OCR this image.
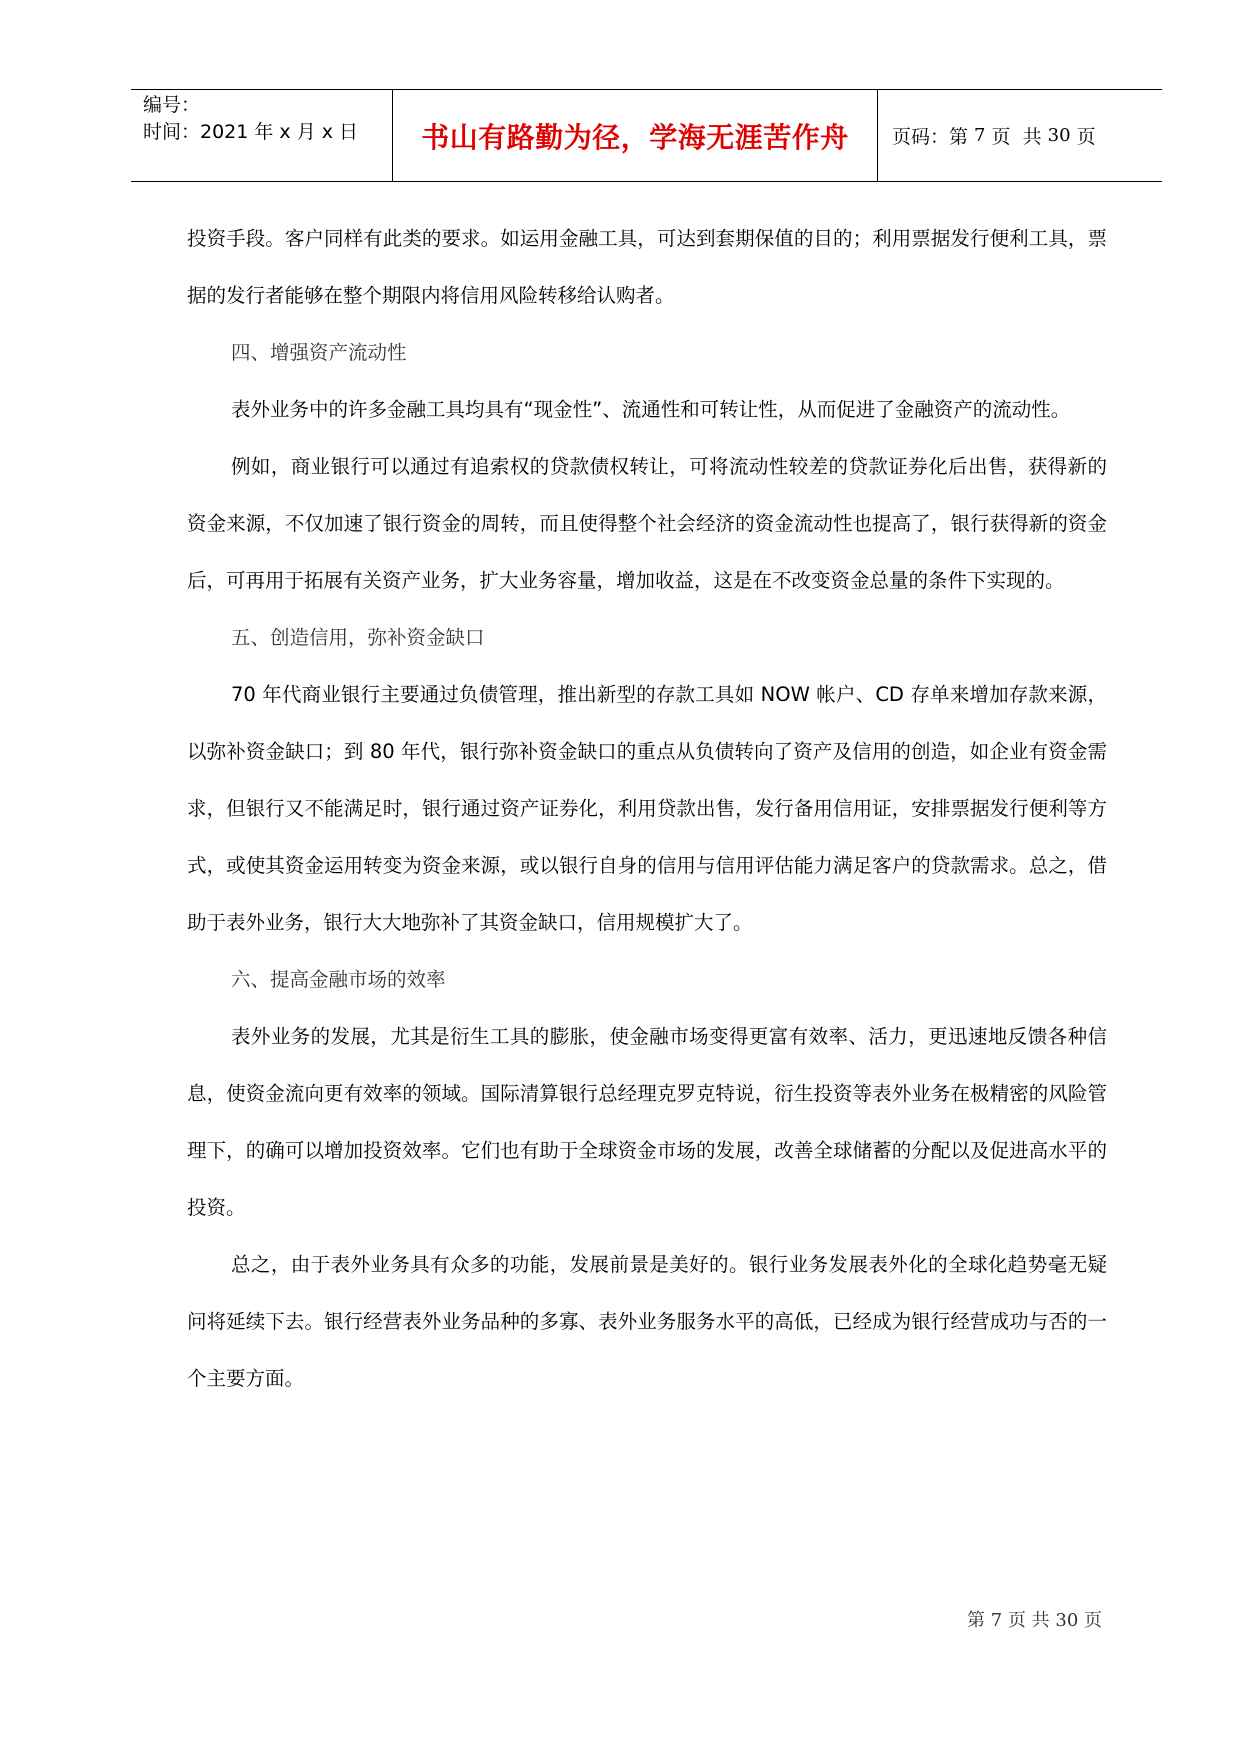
编号：
时间：2021 年 x 月 x 日	书山有路勤为径，学海无涯苦作舟	页码：第 7 页  共 30 页

投资手段。客户同样有此类的要求。如运用金融工具，可达到套期保值的目的；利用票据发行便利工具，票据的发行者能够在整个期限内将信用风险转移给认购者。

四、增强资产流动性

表外业务中的许多金融工具均具有“现金性”、流通性和可转让性，从而促进了金融资产的流动性。

例如，商业银行可以通过有追索权的贷款债权转让，可将流动性较差的贷款证券化后出售，获得新的资金来源，不仅加速了银行资金的周转，而且使得整个社会经济的资金流动性也提高了，银行获得新的资金后，可再用于拓展有关资产业务，扩大业务容量，增加收益，这是在不改变资金总量的条件下实现的。

五、创造信用，弥补资金缺口

70 年代商业银行主要通过负债管理，推出新型的存款工具如 NOW 帐户、CD 存单来增加存款来源，以弥补资金缺口；到 80 年代，银行弥补资金缺口的重点从负债转向了资产及信用的创造，如企业有资金需求，但银行又不能满足时，银行通过资产证券化，利用贷款出售，发行备用信用证，安排票据发行便利等方式，或使其资金运用转变为资金来源，或以银行自身的信用与信用评估能力满足客户的贷款需求。总之，借助于表外业务，银行大大地弥补了其资金缺口，信用规模扩大了。

六、提高金融市场的效率

表外业务的发展，尤其是衍生工具的膨胀，使金融市场变得更富有效率、活力，更迅速地反馈各种信息，使资金流向更有效率的领域。国际清算银行总经理克罗克特说，衍生投资等表外业务在极精密的风险管理下，的确可以增加投资效率。它们也有助于全球资金市场的发展，改善全球储蓄的分配以及促进高水平的投资。

总之，由于表外业务具有众多的功能，发展前景是美好的。银行业务发展表外化的全球化趋势毫无疑问将延续下去。银行经营表外业务品种的多寡、表外业务服务水平的高低，已经成为银行经营成功与否的一个主要方面。

第 7 页 共 30 页
